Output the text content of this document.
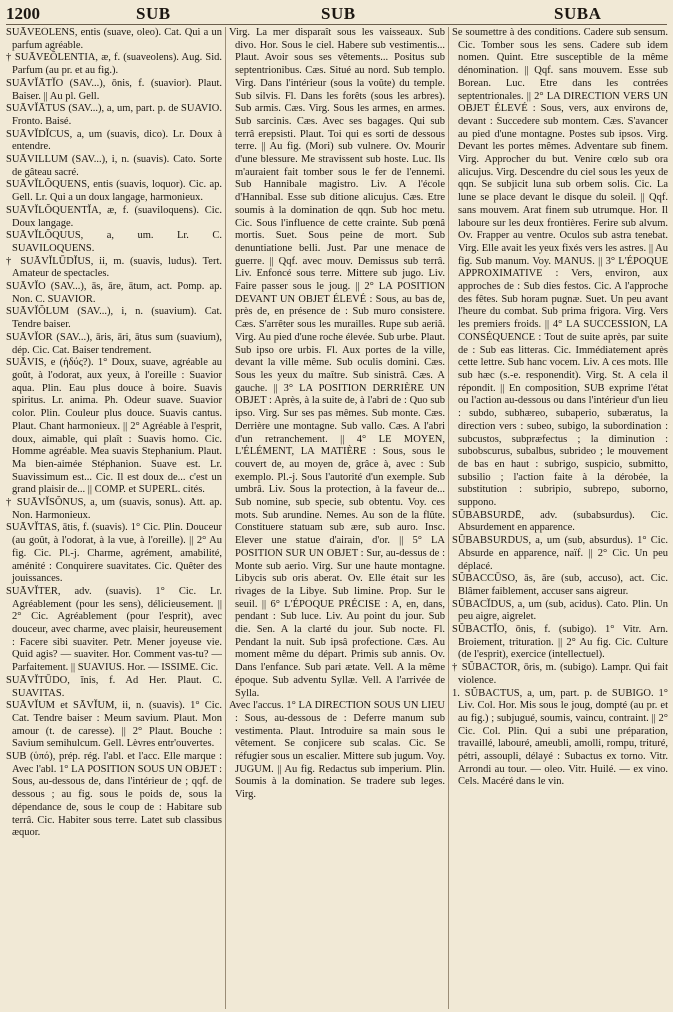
1200	SUB	SUB	SUBA

SUĀVEŎLENS, entis (suave, oleo). Cat. Qui a un parfum agréable.

† SUĀVEŎLENTIA, æ, f. (suaveolens). Aug. Sid. Parfum (au pr. et au fig.).

SUĀVĬĀTĬO (SAV...), ōnis, f. (suavior). Plaut. Baiser. || Au pl. Gell.

SUĀVĬĀTUS (SAV...), a, um, part. p. de SUAVIO. Fronto. Baisé.

SUĀVĬDĬCUS, a, um (suavis, dico). Lr. Doux à entendre.

SUĀVILLUM (SAV...), i, n. (suavis). Cato. Sorte de gâteau sacré.

SUĀVĬLŎQUENS, entis (suavis, loquor). Cic. ap. Gell. Lr. Qui a un doux langage, harmonieux.

SUĀVĬLŎQUENTĬA, æ, f. (suaviloquens). Cic. Doux langage.

SUĀVĬLŎQUUS, a, um. Lr. C. SUAVILOQUENS.

† SUĀVĬLŪDĬUS, ii, m. (suavis, ludus). Tert. Amateur de spectacles.

SUĀVĬO (SAV...), ās, āre, ātum, act. Pomp. ap. Non. C. SUAVIOR.

SUĀVĬŎLUM (SAV...), i, n. (suavium). Cat. Tendre baiser.

SUĀVĬOR (SAV...), āris, āri, ātus sum (suavium), dép. Cic. Cat. Baiser tendrement.

SUĀVIS, e (ἡδύς?). 1° Doux, suave, agréable au goût, à l'odorat, aux yeux, à l'oreille : Suavior aqua. Plin. Eau plus douce à boire. Suavis spiritus. Lr. anima. Ph. Odeur suave. Suavior color. Plin. Couleur plus douce. Suavis cantus. Plaut. Chant harmonieux. || 2° Agréable à l'esprit, doux, aimable, qui plaît : Suavis homo. Cic. Homme agréable. Mea suavis Stephanium. Plaut. Ma bien-aimée Stéphanion. Suave est. Lr. Suavissimum est... Cic. Il est doux de... c'est un grand plaisir de... || COMP. et SUPERL. cités.

† SUĀVĬSŎNUS, a, um (suavis, sonus). Att. ap. Non. Harmonieux.

SUĀVĬTAS, ātis, f. (suavis). 1° Cic. Plin. Douceur (au goût, à l'odorat, à la vue, à l'oreille). || 2° Au fig. Cic. Pl.-j. Charme, agrément, amabilité, aménité : Conquirere suavitates. Cic. Quêter des jouissances.

SUĀVĬTER, adv. (suavis). 1° Cic. Lr. Agréablement (pour les sens), délicieusement. || 2° Cic. Agréablement (pour l'esprit), avec douceur, avec charme, avec plaisir, heureusement : Facere sibi suaviter. Petr. Mener joyeuse vie. Quid agis? — suaviter. Hor. Comment vas-tu? — Parfaitement. || SUAVIUS. Hor. — ISSIME. Cic.

SUĀVĬTŪDO, ĭnis, f. Ad Her. Plaut. C. SUAVITAS.

SUĀVĬUM et SĀVĬUM, ii, n. (suavis). 1° Cic. Cat. Tendre baiser : Meum savium. Plaut. Mon amour (t. de caresse). || 2° Plaut. Bouche : Savium semihulcum. Gell. Lèvres entr'ouvertes.

SUB (ὑπό), prép. rég. l'abl. et l'acc. Elle marque : Avec l'abl. 1° LA POSITION SOUS UN OBJET : Sous, au-dessous de, dans l'intérieur de ; qqf. de dessous ; au fig. sous le poids de, sous la dépendance de, sous le coup de : Habitare sub terrâ. Cic. Habiter sous terre. Latet sub classibus æquor.

Virg. La mer disparaît sous les vaisseaux. Sub divo. Hor. Sous le ciel. Habere sub vestimentis... Plaut. Avoir sous ses vêtements... Positus sub septentrionibus. Cæs. Situé au nord. Sub templo. Virg. Dans l'intérieur (sous la voûte) du temple. Sub silvis. Fl. Dans les forêts (sous les arbres). Sub armis. Cæs. Virg. Sous les armes, en armes. Sub sarcinis. Cæs. Avec ses bagages. Qui sub terrâ erepsisti. Plaut. Toi qui es sorti de dessous terre. || Au fig. (Mori) sub vulnere. Ov. Mourir d'une blessure. Me stravissent sub hoste. Luc. Ils m'auraient fait tomber sous le fer de l'ennemi. Sub Hannibale magistro. Liv. A l'école d'Hannibal. Esse sub ditione alicujus. Cæs. Etre soumis à la domination de qqn. Sub hoc metu. Cic. Sous l'influence de cette crainte. Sub pœnâ mortis. Suet. Sous peine de mort. Sub denuntiatione belli. Just. Par une menace de guerre. || Qqf. avec mouv. Demissus sub terrâ. Liv. Enfoncé sous terre. Mittere sub jugo. Liv. Faire passer sous le joug. || 2° LA POSITION DEVANT UN OBJET ÉLEVÉ : Sous, au bas de, près de, en présence de : Sub muro consistere. Cæs. S'arrêter sous les murailles. Rupe sub aeriâ. Virg. Au pied d'une roche élevée. Sub urbe. Plaut. Sub ipso ore urbis. Fl. Aux portes de la ville, devant la ville même. Sub oculis domini. Cæs. Sous les yeux du maître. Sub sinistrâ. Cæs. A gauche. || 3° LA POSITION DERRIÈRE UN OBJET : Après, à la suite de, à l'abri de : Quo sub ipso. Virg. Sur ses pas mêmes. Sub monte. Cæs. Derrière une montagne. Sub vallo. Cæs. A l'abri d'un retranchement. || 4° LE MOYEN, L'ÉLÉMENT, LA MATIÈRE : Sous, sous le couvert de, au moyen de, grâce à, avec : Sub exemplo. Pl.-j. Sous l'autorité d'un exemple. Sub umbrâ. Liv. Sous la protection, à la faveur de... Sub nomine, sub specie, sub obtentu. Voy. ces mots. Sub arundine. Nemes. Au son de la flûte. Constituere statuam sub ære, sub auro. Insc. Elever une statue d'airain, d'or. || 5° LA POSITION SUR UN OBJET : Sur, au-dessus de : Monte sub aerio. Virg. Sur une haute montagne. Libycis sub oris aberat. Ov. Elle était sur les rivages de la Libye. Sub limine. Prop. Sur le seuil. || 6° L'ÉPOQUE PRÉCISE : A, en, dans, pendant : Sub luce. Liv. Au point du jour. Sub die. Sen. A la clarté du jour. Sub nocte. Fl. Pendant la nuit. Sub ipsâ profectione. Cæs. Au moment même du départ. Primis sub annis. Ov. Dans l'enfance. Sub pari ætate. Vell. A la même époque. Sub adventu Syllæ. Vell. A l'arrivée de Sylla.

Avec l'accus. 1° LA DIRECTION SOUS UN LIEU : Sous, au-dessous de : Deferre manum sub vestimenta. Plaut. Introduire sa main sous le vêtement. Se conjicere sub scalas. Cic. Se réfugier sous un escalier. Mittere sub jugum. Voy. JUGUM. || Au fig. Redactus sub imperium. Plin. Soumis à la domination. Se tradere sub leges. Virg.

Se soumettre à des conditions. Cadere sub sensum. Cic. Tomber sous les sens. Cadere sub idem nomen. Quint. Etre susceptible de la même dénomination. || Qqf. sans mouvem. Esse sub Borean. Luc. Etre dans les contrées septentrionales. || 2° LA DIRECTION VERS UN OBJET ÉLEVÉ : Sous, vers, aux environs de, devant : Succedere sub montem. Cæs. S'avancer au pied d'une montagne. Postes sub ipsos. Virg. Devant les portes mêmes. Adventare sub finem. Virg. Approcher du but. Venire cœlo sub ora alicujus. Virg. Descendre du ciel sous les yeux de qqn. Se subjicit luna sub orbem solis. Cic. La lune se place devant le disque du soleil. || Qqf. sans mouvem. Arat finem sub utrumque. Hor. Il laboure sur les deux frontières. Ferire sub alvum. Ov. Frapper au ventre. Oculos sub astra tenebat. Virg. Elle avait les yeux fixés vers les astres. || Au fig. Sub manum. Voy. MANUS. || 3° L'ÉPOQUE APPROXIMATIVE : Vers, environ, aux approches de : Sub dies festos. Cic. A l'approche des fêtes. Sub horam pugnæ. Suet. Un peu avant l'heure du combat. Sub prima frigora. Virg. Vers les premiers froids. || 4° LA SUCCESSION, LA CONSÉQUENCE : Tout de suite après, par suite de : Sub eas litteras. Cic. Immédiatement après cette lettre. Sub hanc vocem. Liv. A ces mots. Ille sub hæc (s.-e. responendit). Virg. St. A cela il répondit. || En composition, SUB exprime l'état ou l'action au-dessous ou dans l'intérieur d'un lieu : subdo, subhæreo, subaperio, subæratus, la direction vers : subeo, subigo, la subordination : subcustos, subpræfectus ; la diminution : subobscurus, subalbus, subrideo ; le mouvement de bas en haut : subrigo, suspicio, submitto, subsilio ; l'action faite à la dérobée, la substitution : subripio, subrepo, suborno, suppono.

SŬBABSURDĒ, adv. (subabsurdus). Cic. Absurdement en apparence.

SŬBABSURDUS, a, um (sub, absurdus). 1° Cic. Absurde en apparence, naïf. || 2° Cic. Un peu déplacé.

SŬBACCŪSO, ās, āre (sub, accuso), act. Cic. Blâmer faiblement, accuser sans aigreur.

SŬBACĬDUS, a, um (sub, acidus). Cato. Plin. Un peu aigre, aigrelet.

SŬBACTĬO, ōnis, f. (subigo). 1° Vitr. Arn. Broiement, trituration. || 2° Au fig. Cic. Culture (de l'esprit), exercice (intellectuel).

† SŬBACTOR, ōris, m. (subigo). Lampr. Qui fait violence.

1. SŬBACTUS, a, um, part. p. de SUBIGO. 1° Liv. Col. Hor. Mis sous le joug, dompté (au pr. et au fig.) ; subjugué, soumis, vaincu, contraint. || 2° Cic. Col. Plin. Qui a subi une préparation, travaillé, labouré, ameubli, amolli, rompu, trituré, pétri, assoupli, délayé : Subactus ex torno. Vitr. Arrondi au tour. — oleo. Vitr. Huilé. — ex vino. Cels. Macéré dans le vin.
